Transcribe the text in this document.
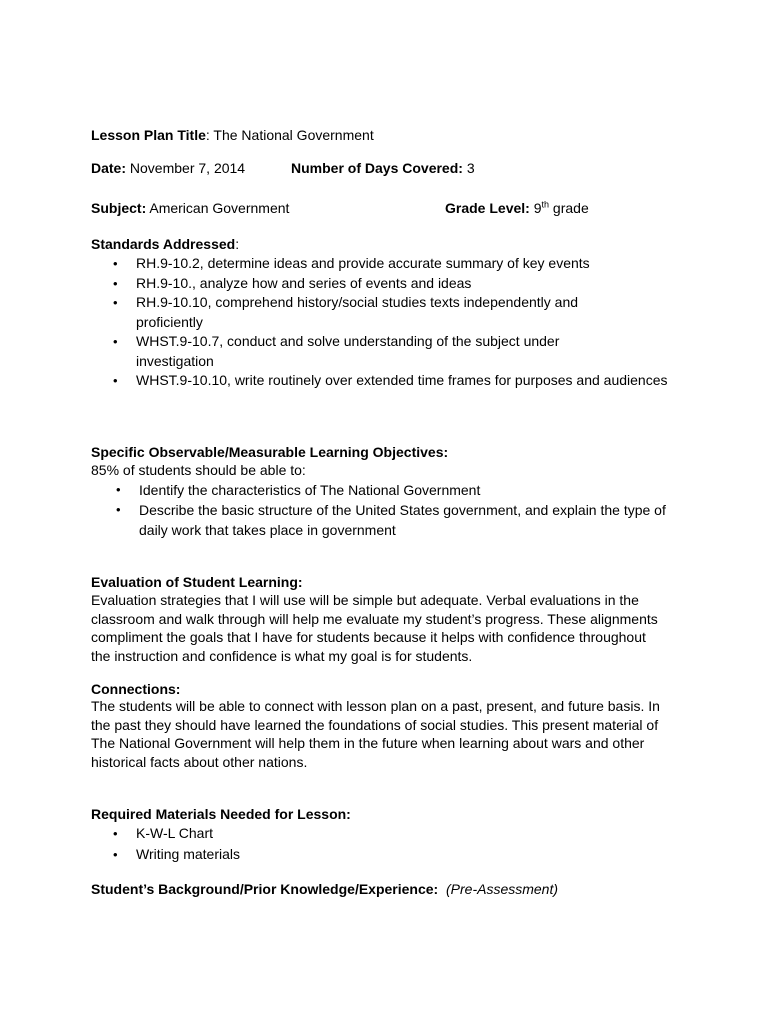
Lesson Plan Title: The National Government
Date: November 7, 2014	Number of Days Covered: 3
Subject: American Government	Grade Level: 9th grade
Standards Addressed:
• RH.9-10.2, determine ideas and provide accurate summary of key events
• RH.9-10., analyze how and series of events and ideas
• RH.9-10.10, comprehend history/social studies texts independently and proficiently
• WHST.9-10.7, conduct and solve understanding of the subject under investigation
• WHST.9-10.10, write routinely over extended time frames for purposes and audiences
Specific Observable/Measurable Learning Objectives:
85% of students should be able to:
• Identify the characteristics of The National Government
• Describe the basic structure of the United States government, and explain the type of daily work that takes place in government
Evaluation of Student Learning:
Evaluation strategies that I will use will be simple but adequate. Verbal evaluations in the classroom and walk through will help me evaluate my student’s progress. These alignments compliment the goals that I have for students because it helps with confidence throughout the instruction and confidence is what my goal is for students.
Connections:
The students will be able to connect with lesson plan on a past, present, and future basis. In the past they should have learned the foundations of social studies. This present material of The National Government will help them in the future when learning about wars and other historical facts about other nations.
Required Materials Needed for Lesson:
• K-W-L Chart
• Writing materials
Student’s Background/Prior Knowledge/Experience: (Pre-Assessment)
